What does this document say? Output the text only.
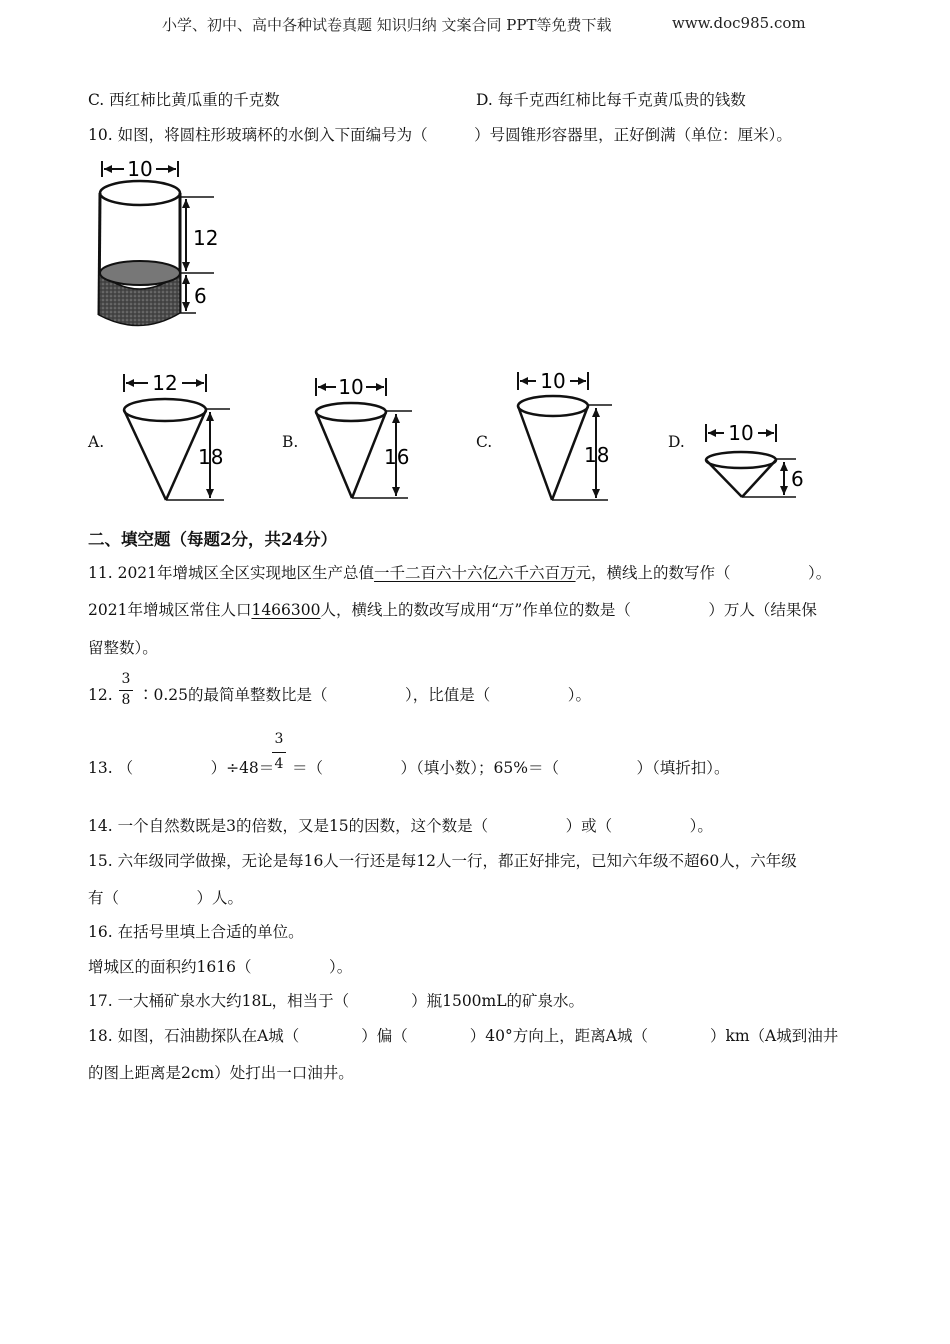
小学、初中、高中各种试卷真题 知识归纳 文案合同 PPT等免费下载	www.doc985.com
C. 西红柿比黄瓜重的千克数	D. 每千克西红柿比每千克黄瓜贵的钱数
10. 如图，将圆柱形玻璃杯的水倒入下面编号为（　　　）号圆锥形容器里，正好倒满（单位：厘米）。
10
12
6
A.
12
18
B.
10
16
C.
10
18
D. 10
6
二、填空题（每题2分，共24分）
11. 2021年增城区全区实现地区生产总值一千二百六十六亿六千六百万元，横线上的数写作（　　　　　）。
2021年增城区常住人口1466300人，横线上的数改写成用“万”作单位的数是（　　　　　）万人（结果保
留整数）。
12.
3
8 ∶0.25的最简单整数比是（　　　　　），比值是（　　　　　）。
13. （　　　　　）÷48＝
3
4 ＝（　　　　　）（填小数）；65%＝（　　　　　）（填折扣）。
14. 一个自然数既是3的倍数，又是15的因数，这个数是（　　　　　）或（　　　　　）。
15. 六年级同学做操，无论是每16人一行还是每12人一行，都正好排完，已知六年级不超60人，六年级
有（　　　　　）人。
16. 在括号里填上合适的单位。
增城区的面积约1616（　　　　　）。
17. 一大桶矿泉水大约18L，相当于（　　　　）瓶1500mL的矿泉水。
18. 如图，石油勘探队在A城（　　　　）偏（　　　　）40°方向上，距离A城（　　　　）km（A城到油井
的图上距离是2cm）处打出一口油井。
